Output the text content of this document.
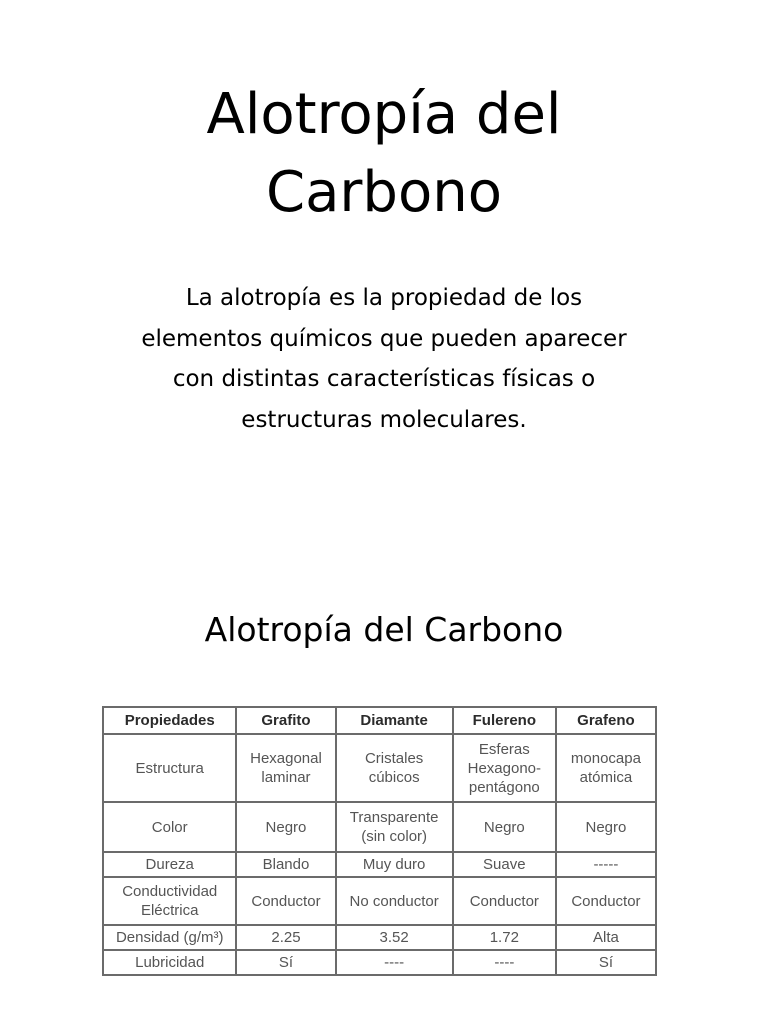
Alotropía del
Carbono

La alotropía es la propiedad de los
elementos químicos que pueden aparecer
con distintas características físicas o
estructuras moleculares.

Alotropía del Carbono
Propiedades	Grafito	Diamante	Fulereno	Grafeno
Estructura	Hexagonal laminar	Cristales cúbicos	Esferas Hexagono-pentágono	monocapa atómica
Color	Negro	Transparente (sin color)	Negro	Negro
Dureza	Blando	Muy duro	Suave	-----
Conductividad Eléctrica	Conductor	No conductor	Conductor	Conductor
Densidad (g/m³)	2.25	3.52	1.72	Alta
Lubricidad	Sí	----	----	Sí
